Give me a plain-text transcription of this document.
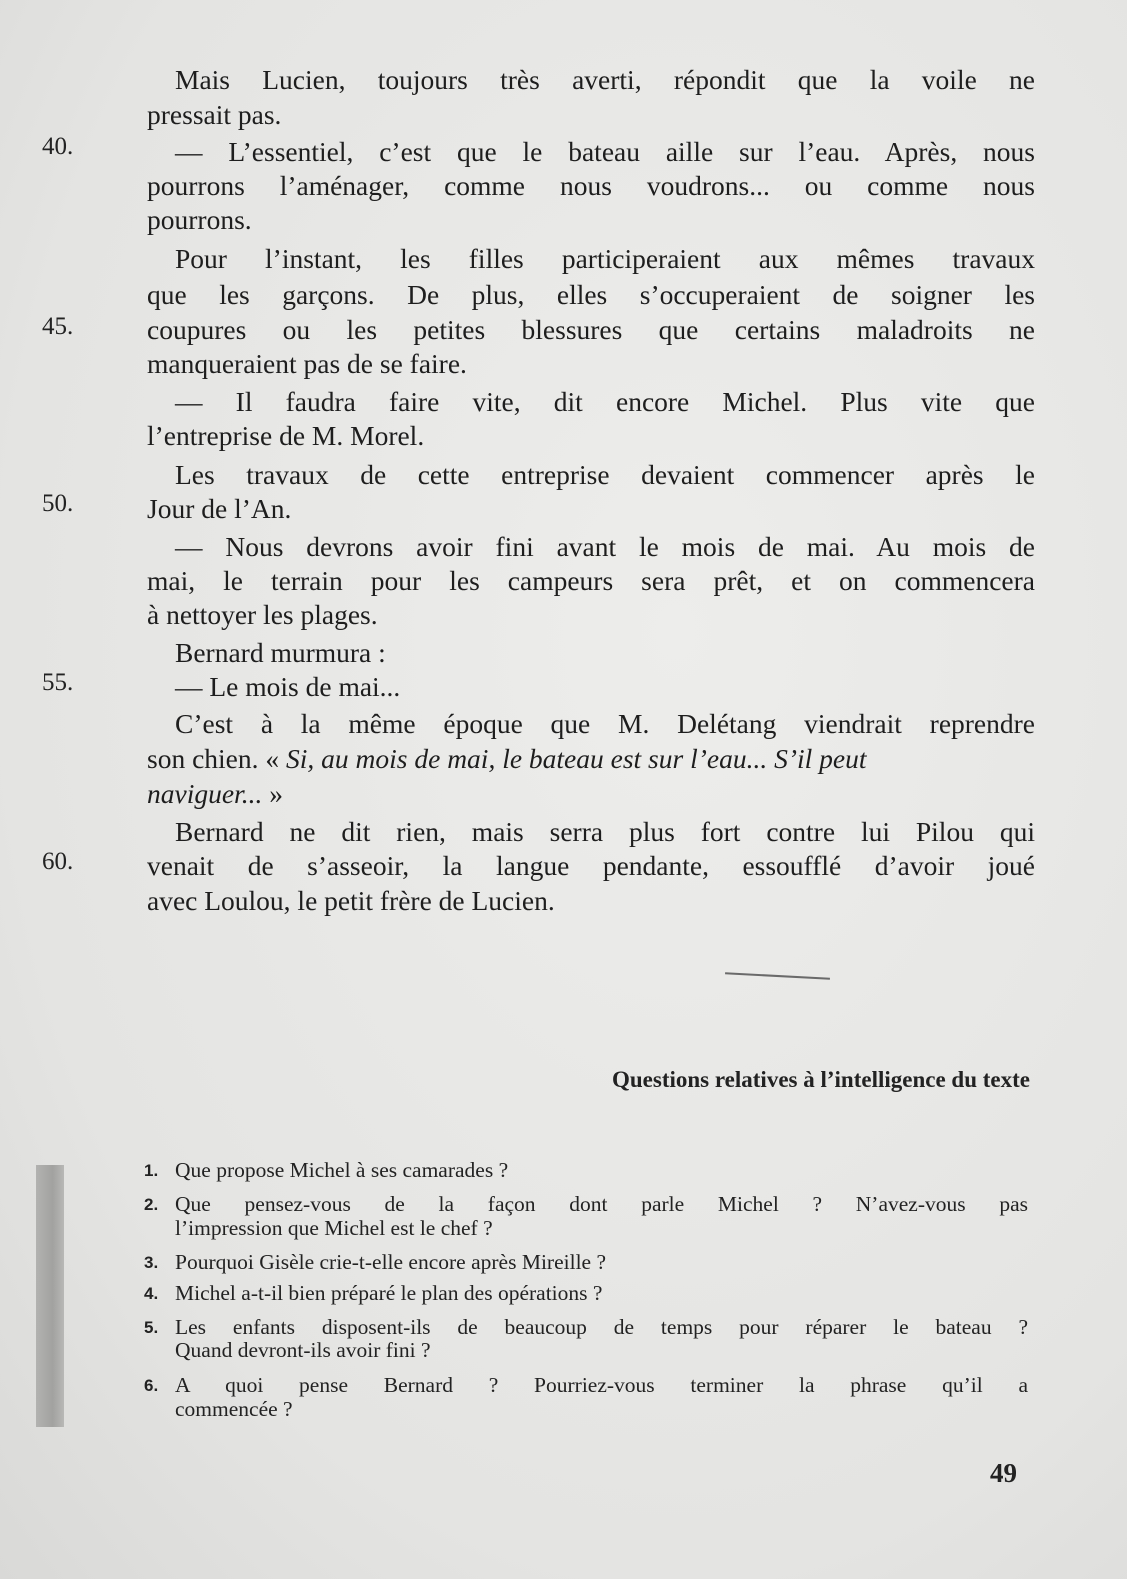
40.
45.
50.
55.
60.
Mais Lucien, toujours très averti, répondit que la voile ne
pressait pas.
— L’essentiel, c’est que le bateau aille sur l’eau. Après, nous
pourrons l’aménager, comme nous voudrons... ou comme nous
pourrons.
Pour l’instant, les filles participeraient aux mêmes travaux
que les garçons. De plus, elles s’occuperaient de soigner les
coupures ou les petites blessures que certains maladroits ne
manqueraient pas de se faire.
— Il faudra faire vite, dit encore Michel. Plus vite que
l’entreprise de M. Morel.
Les travaux de cette entreprise devaient commencer après le
Jour de l’An.
— Nous devrons avoir fini avant le mois de mai. Au mois de
mai, le terrain pour les campeurs sera prêt, et on commencera
à nettoyer les plages.
Bernard murmura :
— Le mois de mai...
C’est à la même époque que M. Delétang viendrait reprendre
son chien. « Si, au mois de mai, le bateau est sur l’eau... S’il peut
naviguer... »
Bernard ne dit rien, mais serra plus fort contre lui Pilou qui
venait de s’asseoir, la langue pendante, essoufflé d’avoir joué
avec Loulou, le petit frère de Lucien.
Questions relatives à l’intelligence du texte
1. Que propose Michel à ses camarades ?
2. Que pensez-vous de la façon dont parle Michel ? N’avez-vous pas
l’impression que Michel est le chef ?
3. Pourquoi Gisèle crie-t-elle encore après Mireille ?
4. Michel a-t-il bien préparé le plan des opérations ?
5. Les enfants disposent-ils de beaucoup de temps pour réparer le bateau ?
Quand devront-ils avoir fini ?
6. A quoi pense Bernard ? Pourriez-vous terminer la phrase qu’il a
commencée ?
49
